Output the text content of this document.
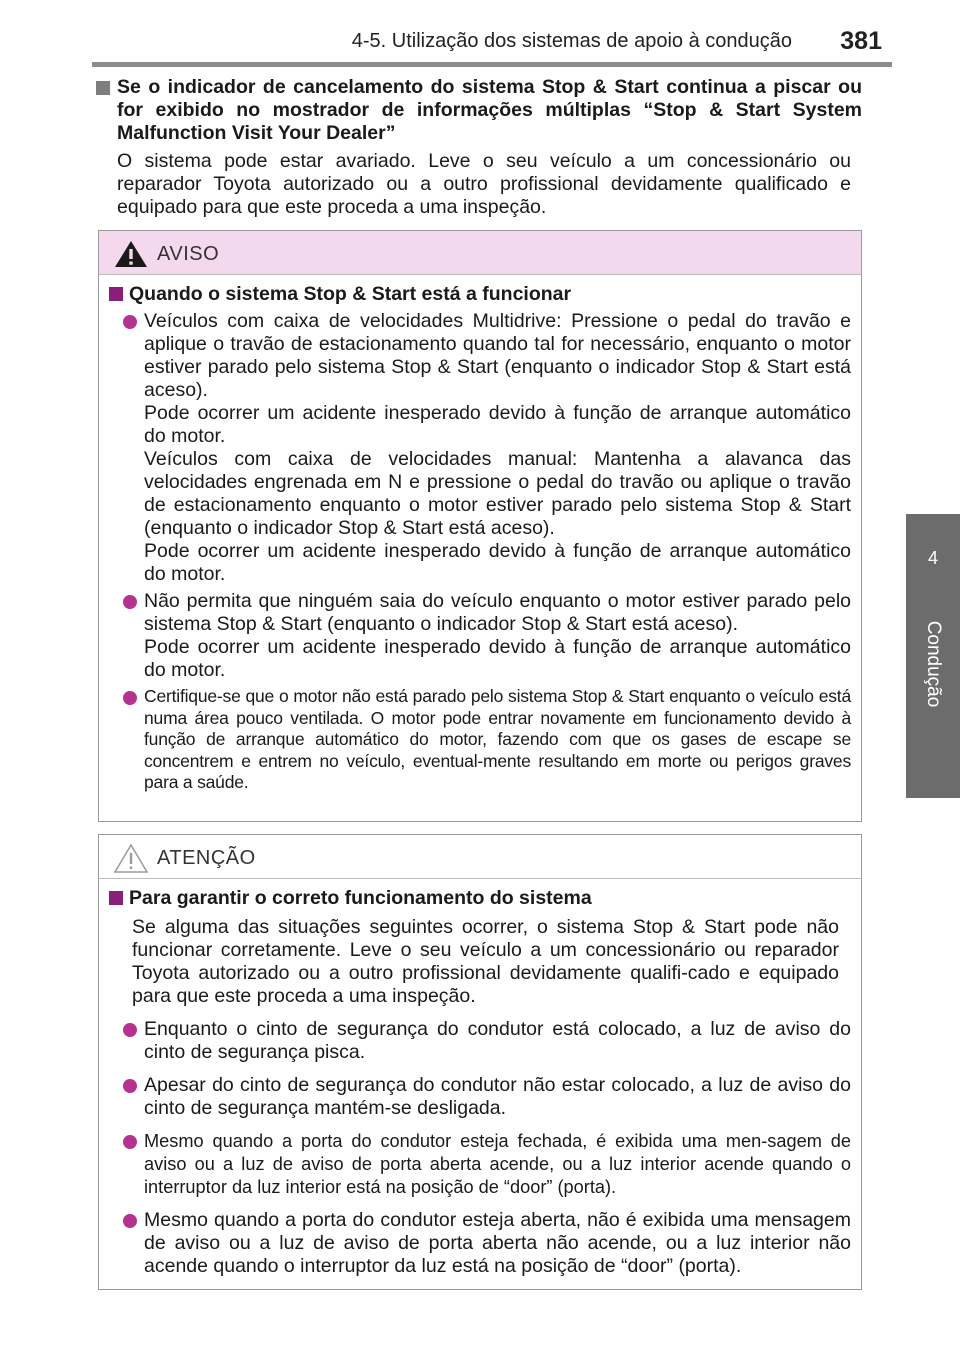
4-5. Utilização dos sistemas de apoio à condução 381
4
Condução
Se o indicador de cancelamento do sistema Stop & Start continua a piscar ou for exibido no mostrador de informações múltiplas “Stop & Start System Malfunction Visit Your Dealer”
O sistema pode estar avariado. Leve o seu veículo a um concessionário ou reparador Toyota autorizado ou a outro profissional devidamente qualificado e equipado para que este proceda a uma inspeção.
AVISO
Quando o sistema Stop & Start está a funcionar

Veículos com caixa de velocidades Multidrive: Pressione o pedal do travão e aplique o travão de estacionamento quando tal for necessário, enquanto o motor estiver parado pelo sistema Stop & Start (enquanto o indicador Stop & Start está aceso).

Pode ocorrer um acidente inesperado devido à função de arranque automático do motor.

Veículos com caixa de velocidades manual: Mantenha a alavanca das velocidades engrenada em N e pressione o pedal do travão ou aplique o travão de estacionamento enquanto o motor estiver parado pelo sistema Stop & Start (enquanto o indicador Stop & Start está aceso).

Pode ocorrer um acidente inesperado devido à função de arranque automático do motor.

Não permita que ninguém saia do veículo enquanto o motor estiver parado pelo sistema Stop & Start (enquanto o indicador Stop & Start está aceso).

Pode ocorrer um acidente inesperado devido à função de arranque automático do motor.

Certifique-se que o motor não está parado pelo sistema Stop & Start enquanto o veículo está numa área pouco ventilada. O motor pode entrar novamente em funcionamento devido à função de arranque automático do motor, fazendo com que os gases de escape se concentrem e entrem no veículo, eventual-mente resultando em morte ou perigos graves para a saúde.

ATENÇÃO
Para garantir o correto funcionamento do sistema
Se alguma das situações seguintes ocorrer, o sistema Stop & Start pode não funcionar corretamente. Leve o seu veículo a um concessionário ou reparador Toyota autorizado ou a outro profissional devidamente qualifi-cado e equipado para que este proceda a uma inspeção.

Enquanto o cinto de segurança do condutor está colocado, a luz de aviso do cinto de segurança pisca.

Apesar do cinto de segurança do condutor não estar colocado, a luz de aviso do cinto de segurança mantém-se desligada.

Mesmo quando a porta do condutor esteja fechada, é exibida uma men-sagem de aviso ou a luz de aviso de porta aberta acende, ou a luz interior acende quando o interruptor da luz interior está na posição de “door” (porta).

Mesmo quando a porta do condutor esteja aberta, não é exibida uma mensagem de aviso ou a luz de aviso de porta aberta não acende, ou a luz interior não acende quando o interruptor da luz está na posição de “door” (porta).
